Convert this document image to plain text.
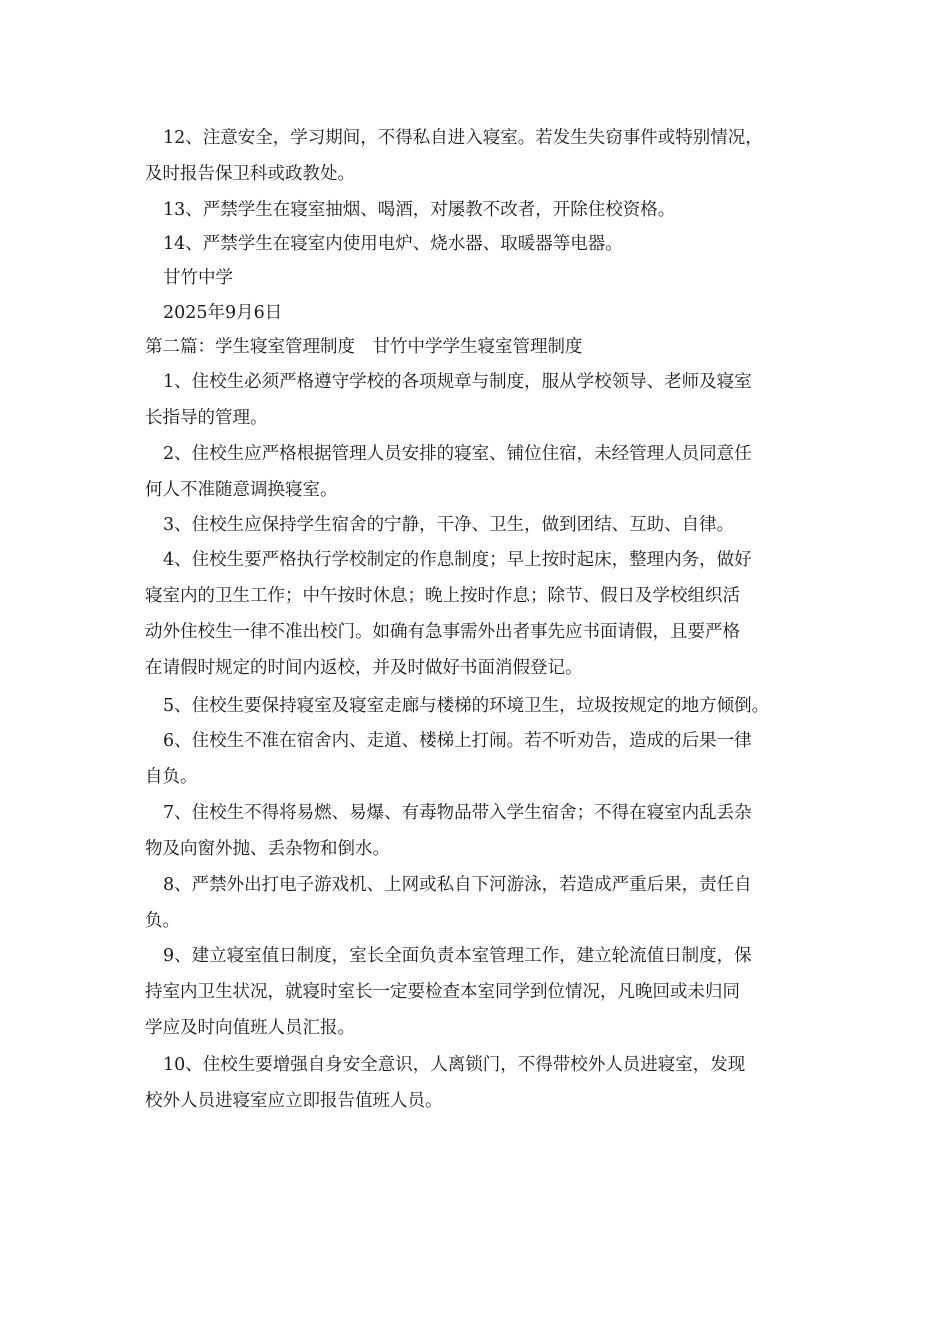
12、注意安全，学习期间，不得私自进入寝室。若发生失窃事件或特别情况，

及时报告保卫科或政教处。

13、严禁学生在寝室抽烟、喝酒，对屡教不改者，开除住校资格。

14、严禁学生在寝室内使用电炉、烧水器、取暖器等电器。

甘竹中学

2025年9月6日

第二篇：学生寝室管理制度　甘竹中学学生寝室管理制度

1、住校生必须严格遵守学校的各项规章与制度，服从学校领导、老师及寝室

长指导的管理。

2、住校生应严格根据管理人员安排的寝室、铺位住宿，未经管理人员同意任

何人不准随意调换寝室。

3、住校生应保持学生宿舍的宁静，干净、卫生，做到团结、互助、自律。

4、住校生要严格执行学校制定的作息制度；早上按时起床，整理内务，做好

寝室内的卫生工作；中午按时休息；晚上按时作息；除节、假日及学校组织活

动外住校生一律不准出校门。如确有急事需外出者事先应书面请假，且要严格

在请假时规定的时间内返校，并及时做好书面消假登记。

5、住校生要保持寝室及寝室走廊与楼梯的环境卫生，垃圾按规定的地方倾倒。

6、住校生不准在宿舍内、走道、楼梯上打闹。若不听劝告，造成的后果一律

自负。

7、住校生不得将易燃、易爆、有毒物品带入学生宿舍；不得在寝室内乱丢杂

物及向窗外抛、丢杂物和倒水。

8、严禁外出打电子游戏机、上网或私自下河游泳，若造成严重后果，责任自

负。

9、建立寝室值日制度，室长全面负责本室管理工作，建立轮流值日制度，保

持室内卫生状况，就寝时室长一定要检查本室同学到位情况，凡晚回或未归同

学应及时向值班人员汇报。

10、住校生要增强自身安全意识，人离锁门，不得带校外人员进寝室，发现

校外人员进寝室应立即报告值班人员。
